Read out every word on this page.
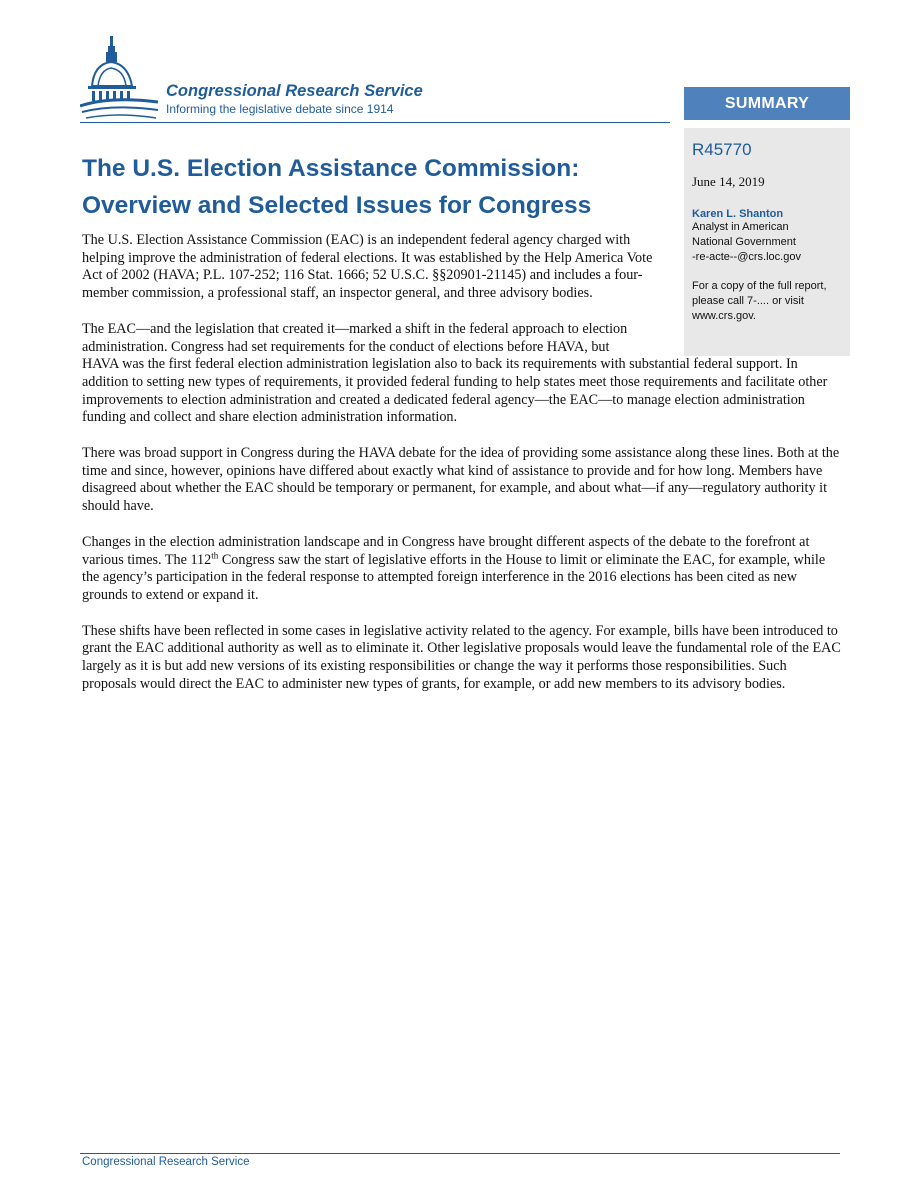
Congressional Research Service
Informing the legislative debate since 1914	SUMMARY
R45770
June 14, 2019
Karen L. Shanton
Analyst in American
National Government
-re-acte--@crs.loc.gov
For a copy of the full report,
please call 7-.... or visit
www.crs.gov.
The U.S. Election Assistance Commission:
Overview and Selected Issues for Congress

The U.S. Election Assistance Commission (EAC) is an independent federal agency charged with helping improve the administration of federal elections. It was established by the Help America Vote Act of 2002 (HAVA; P.L. 107-252; 116 Stat. 1666; 52 U.S.C. §§20901-21145) and includes a four-member commission, a professional staff, an inspector general, and three advisory bodies.

The EAC—and the legislation that created it—marked a shift in the federal approach to election administration. Congress had set requirements for the conduct of elections before HAVA, but
HAVA was the first federal election administration legislation also to back its requirements with substantial federal support. In addition to setting new types of requirements, it provided federal funding to help states meet those requirements and facilitate other improvements to election administration and created a dedicated federal agency—the EAC—to manage election administration funding and collect and share election administration information.

There was broad support in Congress during the HAVA debate for the idea of providing some assistance along these lines. Both at the time and since, however, opinions have differed about exactly what kind of assistance to provide and for how long. Members have disagreed about whether the EAC should be temporary or permanent, for example, and about what—if any—regulatory authority it should have.

Changes in the election administration landscape and in Congress have brought different aspects of the debate to the forefront at various times. The 112th Congress saw the start of legislative efforts in the House to limit or eliminate the EAC, for example, while the agency’s participation in the federal response to attempted foreign interference in the 2016 elections has been cited as new grounds to extend or expand it.

These shifts have been reflected in some cases in legislative activity related to the agency. For example, bills have been introduced to grant the EAC additional authority as well as to eliminate it. Other legislative proposals would leave the fundamental role of the EAC largely as it is but add new versions of its existing responsibilities or change the way it performs those responsibilities. Such proposals would direct the EAC to administer new types of grants, for example, or add new members to its advisory bodies.

Congressional Research Service
